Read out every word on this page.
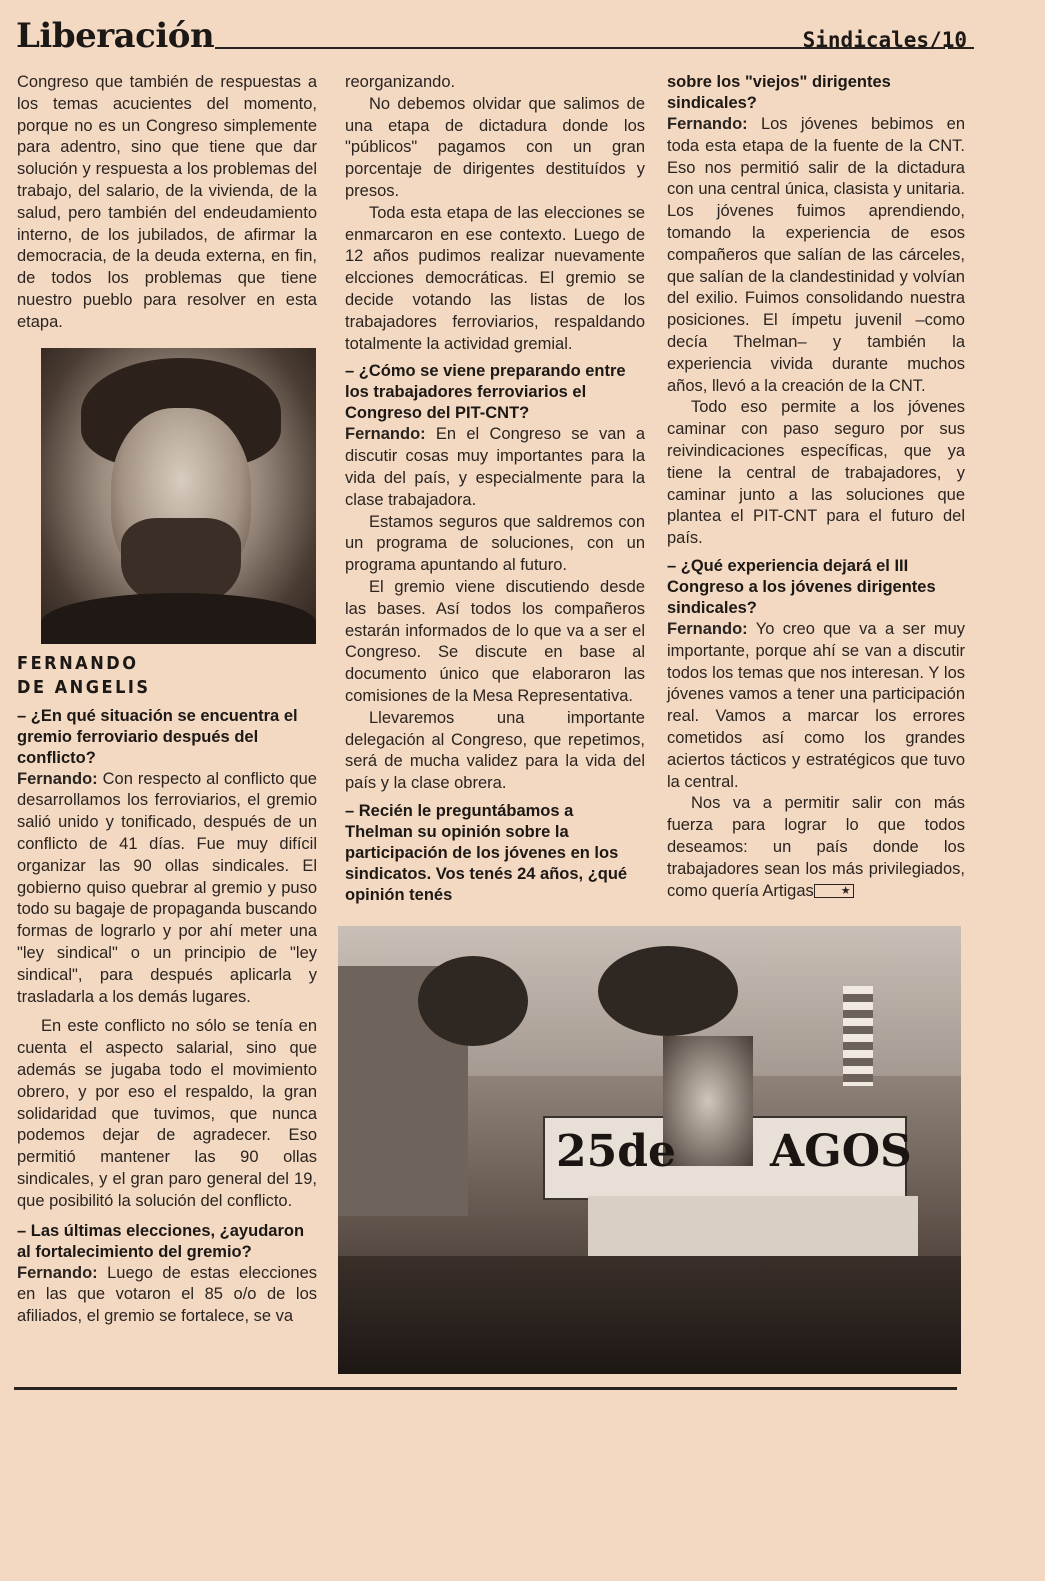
Liberación	Sindicales/10

Congreso que también de respuestas a los temas acucientes del momento, porque no es un Congreso simplemente para adentro, sino que tiene que dar solución y respuesta a los problemas del trabajo, del salario, de la vivienda, de la salud, pero también del endeudamiento interno, de los jubilados, de afirmar la democracia, de la deuda externa, en fin, de todos los problemas que tiene nuestro pueblo para resolver en esta etapa.

FERNANDO
DE ANGELIS

– ¿En qué situación se encuentra el gremio ferroviario después del conflicto?

Fernando: Con respecto al conflicto que desarrollamos los ferroviarios, el gremio salió unido y tonificado, después de un conflicto de 41 días. Fue muy difícil organizar las 90 ollas sindicales. El gobierno quiso quebrar al gremio y puso todo su bagaje de propaganda buscando formas de lograrlo y por ahí meter una "ley sindical" o un principio de "ley sindical", para después aplicarla y trasladarla a los demás lugares.

En este conflicto no sólo se tenía en cuenta el aspecto salarial, sino que además se jugaba todo el movimiento obrero, y por eso el respaldo, la gran solidaridad que tuvimos, que nunca podemos dejar de agradecer. Eso permitió mantener las 90 ollas sindicales, y el gran paro general del 19, que posibilitó la solución del conflicto.

– Las últimas elecciones, ¿ayudaron al fortalecimiento del gremio?

Fernando: Luego de estas elecciones en las que votaron el 85 o/o de los afiliados, el gremio se fortalece, se va

reorganizando.

No debemos olvidar que salimos de una etapa de dictadura donde los "públicos" pagamos con un gran porcentaje de dirigentes destituídos y presos.

Toda esta etapa de las elecciones se enmarcaron en ese contexto. Luego de 12 años pudimos realizar nuevamente elcciones democráticas. El gremio se decide votando las listas de los trabajadores ferroviarios, respaldando totalmente la actividad gremial.

– ¿Cómo se viene preparando entre los trabajadores ferroviarios el Congreso del PIT-CNT?

Fernando: En el Congreso se van a discutir cosas muy importantes para la vida del país, y especialmente para la clase trabajadora.

Estamos seguros que saldremos con un programa de soluciones, con un programa apuntando al futuro.

El gremio viene discutiendo desde las bases. Así todos los compañeros estarán informados de lo que va a ser el Congreso. Se discute en base al documento único que elaboraron las comisiones de la Mesa Representativa.

Llevaremos una importante delegación al Congreso, que repetimos, será de mucha validez para la vida del país y la clase obrera.

– Recién le preguntábamos a Thelman su opinión sobre la participación de los jóvenes en los sindicatos. Vos tenés 24 años, ¿qué opinión tenés

sobre los "viejos" dirigentes sindicales?

Fernando: Los jóvenes bebimos en toda esta etapa de la fuente de la CNT. Eso nos permitió salir de la dictadura con una central única, clasista y unitaria. Los jóvenes fuimos aprendiendo, tomando la experiencia de esos compañeros que salían de las cárceles, que salían de la clandestinidad y volvían del exilio. Fuimos consolidando nuestra posiciones. El ímpetu juvenil –como decía Thelman– y también la experiencia vivida durante muchos años, llevó a la creación de la CNT.

Todo eso permite a los jóvenes caminar con paso seguro por sus reivindicaciones específicas, que ya tiene la central de trabajadores, y caminar junto a las soluciones que plantea el PIT-CNT para el futuro del país.

– ¿Qué experiencia dejará el III Congreso a los jóvenes dirigentes sindicales?

Fernando: Yo creo que va a ser muy importante, porque ahí se van a discutir todos los temas que nos interesan. Y los jóvenes vamos a tener una participación real. Vamos a marcar los errores cometidos así como los grandes aciertos tácticos y estratégicos que tuvo la central.

Nos va a permitir salir con más fuerza para lograr lo que todos deseamos: un país donde los trabajadores sean los más privilegiados, como quería Artigas ★

25de AGOS
